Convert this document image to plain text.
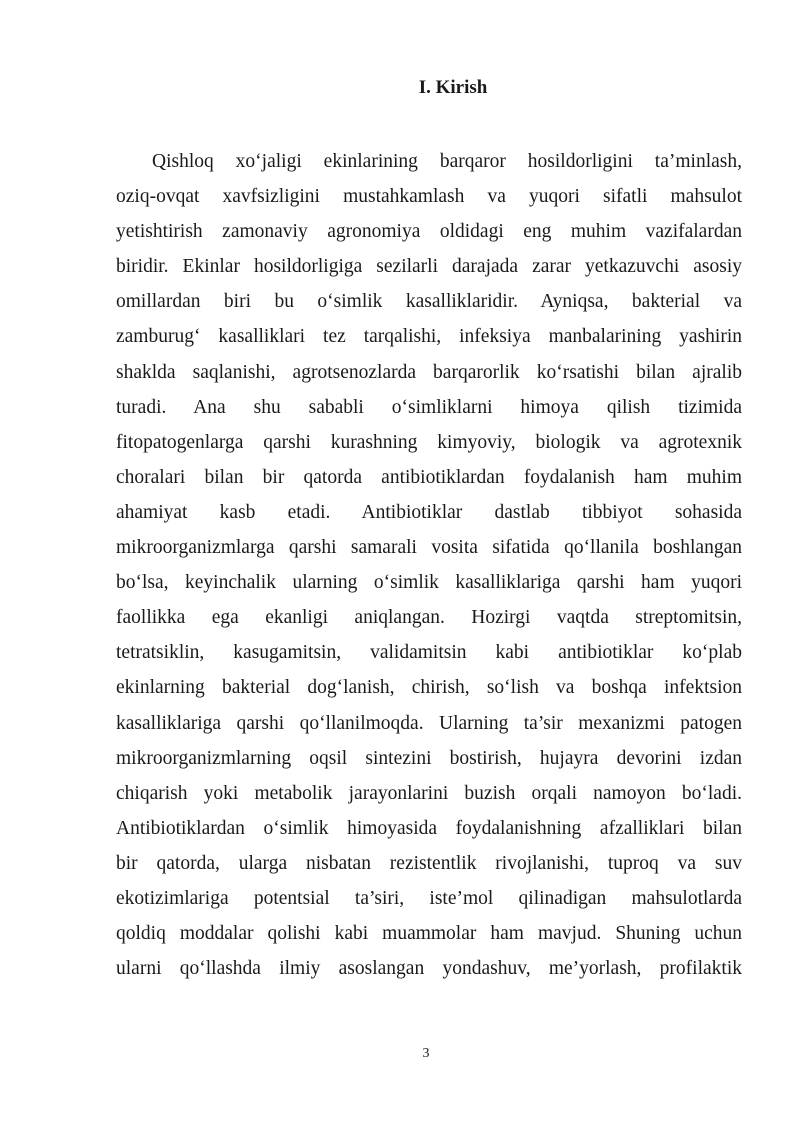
I. Kirish
Qishloq xo‘jaligi ekinlarining barqaror hosildorligini ta’minlash,
oziq-ovqat xavfsizligini mustahkamlash va yuqori sifatli mahsulot
yetishtirish zamonaviy agronomiya oldidagi eng muhim vazifalardan
biridir. Ekinlar hosildorligiga sezilarli darajada zarar yetkazuvchi asosiy
omillardan biri bu o‘simlik kasalliklaridir. Ayniqsa, bakterial va
zamburug‘ kasalliklari tez tarqalishi, infeksiya manbalarining yashirin
shaklda saqlanishi, agrotsenozlarda barqarorlik ko‘rsatishi bilan ajralib
turadi. Ana shu sababli o‘simliklarni himoya qilish tizimida
fitopatogenlarga qarshi kurashning kimyoviy, biologik va agrotexnik
choralari bilan bir qatorda antibiotiklardan foydalanish ham muhim
ahamiyat kasb etadi. Antibiotiklar dastlab tibbiyot sohasida
mikroorganizmlarga qarshi samarali vosita sifatida qo‘llanila boshlangan
bo‘lsa, keyinchalik ularning o‘simlik kasalliklariga qarshi ham yuqori
faollikka ega ekanligi aniqlangan. Hozirgi vaqtda streptomitsin,
tetratsiklin, kasugamitsin, validamitsin kabi antibiotiklar ko‘plab
ekinlarning bakterial dog‘lanish, chirish, so‘lish va boshqa infektsion
kasalliklariga qarshi qo‘llanilmoqda. Ularning ta’sir mexanizmi patogen
mikroorganizmlarning oqsil sintezini bostirish, hujayra devorini izdan
chiqarish yoki metabolik jarayonlarini buzish orqali namoyon bo‘ladi.
Antibiotiklardan o‘simlik himoyasida foydalanishning afzalliklari bilan
bir qatorda, ularga nisbatan rezistentlik rivojlanishi, tuproq va suv
ekotizimlariga potentsial ta’siri, iste’mol qilinadigan mahsulotlarda
qoldiq moddalar qolishi kabi muammolar ham mavjud. Shuning uchun
ularni qo‘llashda ilmiy asoslangan yondashuv, me’yorlash, profilaktik
3
